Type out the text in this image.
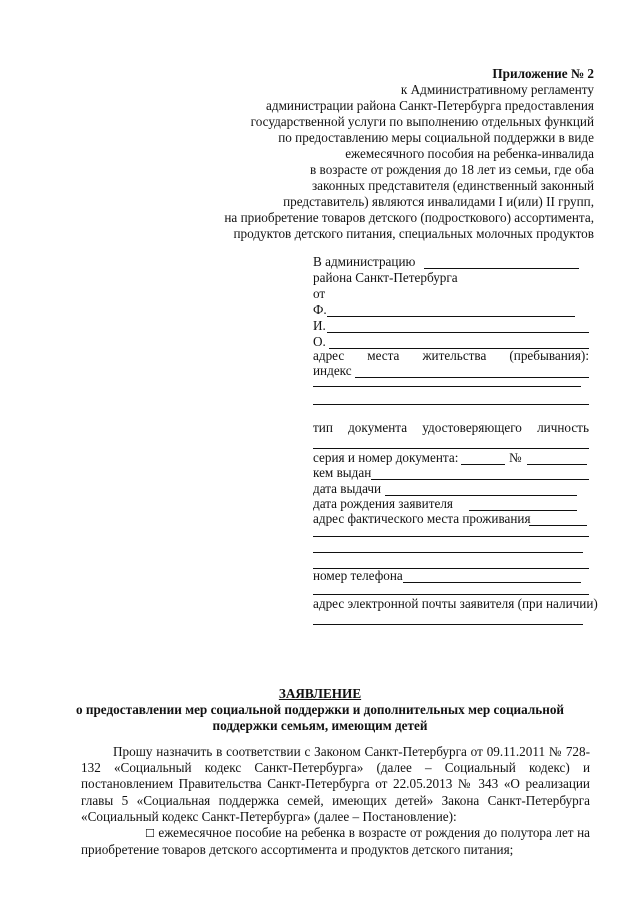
Приложение № 2
к Административному регламенту
администрации района Санкт-Петербурга предоставления
государственной услуги по выполнению отдельных функций
по предоставлению меры социальной поддержки в виде
ежемесячного пособия на ребенка-инвалида
в возрасте от рождения до 18 лет из семьи, где оба
законных представителя (единственный законный
представитель) являются инвалидами I и(или) II групп,
на приобретение товаров детского (подросткового) ассортимента,
продуктов детского питания, специальных молочных продуктов
В администрацию
района Санкт-Петербурга
от
Ф.
И.
О.
адрес места жительства (пребывания):
индекс
тип документа удостоверяющего личность
серия и номер документа:	№
кем выдан
дата выдачи
дата рождения заявителя
адрес фактического места проживания
номер телефона
адрес электронной почты заявителя (при наличии)
ЗАЯВЛЕНИЕ
о предоставлении мер социальной поддержки и дополнительных мер социальной поддержки семьям, имеющим детей

Прошу назначить в соответствии с Законом Санкт-Петербурга от 09.11.2011 № 728-132 «Социальный кодекс Санкт-Петербурга» (далее – Социальный кодекс) и постановлением Правительства Санкт-Петербурга от 22.05.2013 № 343 «О реализации главы 5 «Социальная поддержка семей, имеющих детей» Закона Санкт-Петербурга «Социальный кодекс Санкт-Петербурга» (далее – Постановление):

☐ ежемесячное пособие на ребенка в возрасте от рождения до полутора лет на приобретение товаров детского ассортимента и продуктов детского питания;
